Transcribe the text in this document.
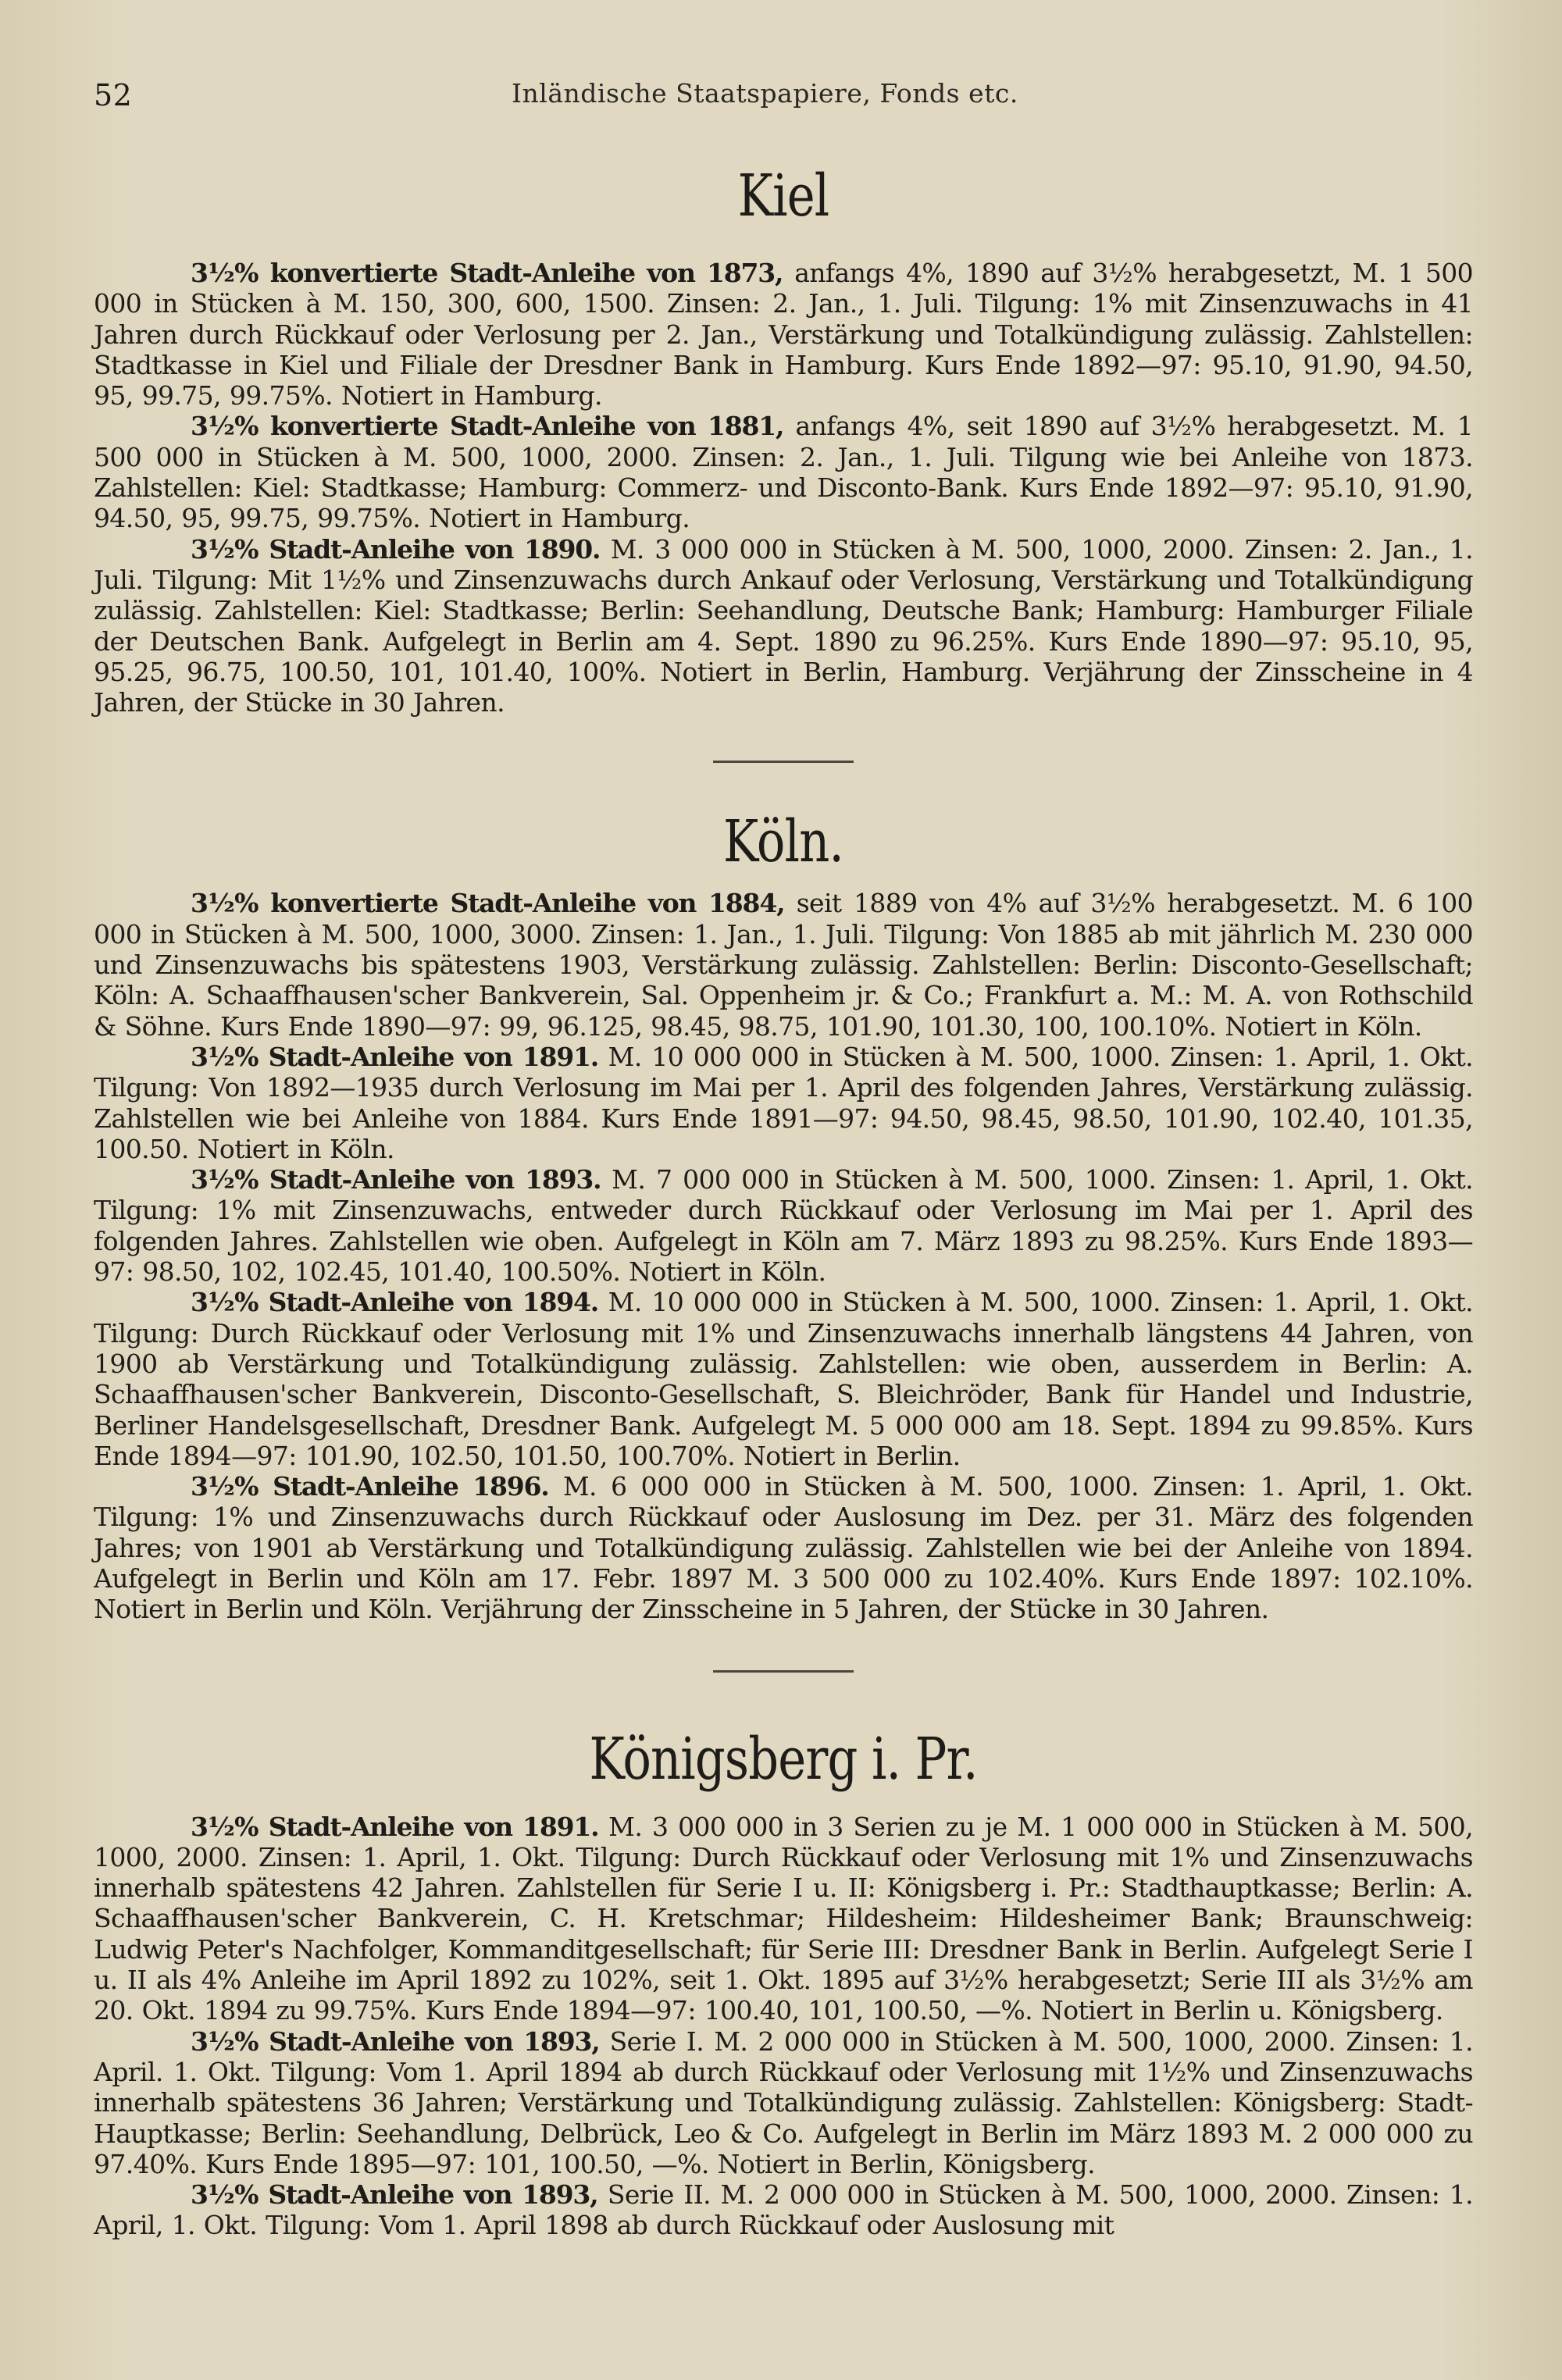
52	Inländische Staatspapiere, Fonds etc.
Kiel

3½% konvertierte Stadt-Anleihe von 1873, anfangs 4%, 1890 auf 3½% herabgesetzt, M. 1 500 000 in Stücken à M. 150, 300, 600, 1500. Zinsen: 2. Jan., 1. Juli. Tilgung: 1% mit Zinsenzuwachs in 41 Jahren durch Rückkauf oder Verlosung per 2. Jan., Verstärkung und Totalkündigung zulässig. Zahlstellen: Stadtkasse in Kiel und Filiale der Dresdner Bank in Hamburg. Kurs Ende 1892—97: 95.10, 91.90, 94.50, 95, 99.75, 99.75%. Notiert in Hamburg.

3½% konvertierte Stadt-Anleihe von 1881, anfangs 4%, seit 1890 auf 3½% herabgesetzt. M. 1 500 000 in Stücken à M. 500, 1000, 2000. Zinsen: 2. Jan., 1. Juli. Tilgung wie bei Anleihe von 1873. Zahlstellen: Kiel: Stadtkasse; Hamburg: Commerz- und Disconto-Bank. Kurs Ende 1892—97: 95.10, 91.90, 94.50, 95, 99.75, 99.75%. Notiert in Hamburg.

3½% Stadt-Anleihe von 1890. M. 3 000 000 in Stücken à M. 500, 1000, 2000. Zinsen: 2. Jan., 1. Juli. Tilgung: Mit 1½% und Zinsenzuwachs durch Ankauf oder Verlosung, Verstärkung und Totalkündigung zulässig. Zahlstellen: Kiel: Stadtkasse; Berlin: Seehandlung, Deutsche Bank; Hamburg: Hamburger Filiale der Deutschen Bank. Aufgelegt in Berlin am 4. Sept. 1890 zu 96.25%. Kurs Ende 1890—97: 95.10, 95, 95.25, 96.75, 100.50, 101, 101.40, 100%. Notiert in Berlin, Hamburg. Verjährung der Zinsscheine in 4 Jahren, der Stücke in 30 Jahren.

Köln.

3½% konvertierte Stadt-Anleihe von 1884, seit 1889 von 4% auf 3½% herabgesetzt. M. 6 100 000 in Stücken à M. 500, 1000, 3000. Zinsen: 1. Jan., 1. Juli. Tilgung: Von 1885 ab mit jährlich M. 230 000 und Zinsenzuwachs bis spätestens 1903, Verstärkung zulässig. Zahlstellen: Berlin: Disconto-Gesellschaft; Köln: A. Schaaffhausen'scher Bankverein, Sal. Oppenheim jr. & Co.; Frankfurt a. M.: M. A. von Rothschild & Söhne. Kurs Ende 1890—97: 99, 96.125, 98.45, 98.75, 101.90, 101.30, 100, 100.10%. Notiert in Köln.

3½% Stadt-Anleihe von 1891. M. 10 000 000 in Stücken à M. 500, 1000. Zinsen: 1. April, 1. Okt. Tilgung: Von 1892—1935 durch Verlosung im Mai per 1. April des folgenden Jahres, Verstärkung zulässig. Zahlstellen wie bei Anleihe von 1884. Kurs Ende 1891—97: 94.50, 98.45, 98.50, 101.90, 102.40, 101.35, 100.50. Notiert in Köln.

3½% Stadt-Anleihe von 1893. M. 7 000 000 in Stücken à M. 500, 1000. Zinsen: 1. April, 1. Okt. Tilgung: 1% mit Zinsenzuwachs, entweder durch Rückkauf oder Verlosung im Mai per 1. April des folgenden Jahres. Zahlstellen wie oben. Aufgelegt in Köln am 7. März 1893 zu 98.25%. Kurs Ende 1893—97: 98.50, 102, 102.45, 101.40, 100.50%. Notiert in Köln.

3½% Stadt-Anleihe von 1894. M. 10 000 000 in Stücken à M. 500, 1000. Zinsen: 1. April, 1. Okt. Tilgung: Durch Rückkauf oder Verlosung mit 1% und Zinsenzuwachs innerhalb längstens 44 Jahren, von 1900 ab Verstärkung und Totalkündigung zulässig. Zahlstellen: wie oben, ausserdem in Berlin: A. Schaaffhausen'scher Bankverein, Disconto-Gesellschaft, S. Bleichröder, Bank für Handel und Industrie, Berliner Handelsgesellschaft, Dresdner Bank. Aufgelegt M. 5 000 000 am 18. Sept. 1894 zu 99.85%. Kurs Ende 1894—97: 101.90, 102.50, 101.50, 100.70%. Notiert in Berlin.

3½% Stadt-Anleihe 1896. M. 6 000 000 in Stücken à M. 500, 1000. Zinsen: 1. April, 1. Okt. Tilgung: 1% und Zinsenzuwachs durch Rückkauf oder Auslosung im Dez. per 31. März des folgenden Jahres; von 1901 ab Verstärkung und Totalkündigung zulässig. Zahlstellen wie bei der Anleihe von 1894. Aufgelegt in Berlin und Köln am 17. Febr. 1897 M. 3 500 000 zu 102.40%. Kurs Ende 1897: 102.10%. Notiert in Berlin und Köln. Verjährung der Zinsscheine in 5 Jahren, der Stücke in 30 Jahren.

Königsberg i. Pr.

3½% Stadt-Anleihe von 1891. M. 3 000 000 in 3 Serien zu je M. 1 000 000 in Stücken à M. 500, 1000, 2000. Zinsen: 1. April, 1. Okt. Tilgung: Durch Rückkauf oder Verlosung mit 1% und Zinsenzuwachs innerhalb spätestens 42 Jahren. Zahlstellen für Serie I u. II: Königsberg i. Pr.: Stadthauptkasse; Berlin: A. Schaaffhausen'scher Bankverein, C. H. Kretschmar; Hildesheim: Hildesheimer Bank; Braunschweig: Ludwig Peter's Nachfolger, Kommanditgesellschaft; für Serie III: Dresdner Bank in Berlin. Aufgelegt Serie I u. II als 4% Anleihe im April 1892 zu 102%, seit 1. Okt. 1895 auf 3½% herabgesetzt; Serie III als 3½% am 20. Okt. 1894 zu 99.75%. Kurs Ende 1894—97: 100.40, 101, 100.50, —%. Notiert in Berlin u. Königsberg.

3½% Stadt-Anleihe von 1893, Serie I. M. 2 000 000 in Stücken à M. 500, 1000, 2000. Zinsen: 1. April. 1. Okt. Tilgung: Vom 1. April 1894 ab durch Rückkauf oder Verlosung mit 1½% und Zinsenzuwachs innerhalb spätestens 36 Jahren; Verstärkung und Totalkündigung zulässig. Zahlstellen: Königsberg: Stadt-Hauptkasse; Berlin: Seehandlung, Delbrück, Leo & Co. Aufgelegt in Berlin im März 1893 M. 2 000 000 zu 97.40%. Kurs Ende 1895—97: 101, 100.50, —%. Notiert in Berlin, Königsberg.

3½% Stadt-Anleihe von 1893, Serie II. M. 2 000 000 in Stücken à M. 500, 1000, 2000. Zinsen: 1. April, 1. Okt. Tilgung: Vom 1. April 1898 ab durch Rückkauf oder Auslosung mit
